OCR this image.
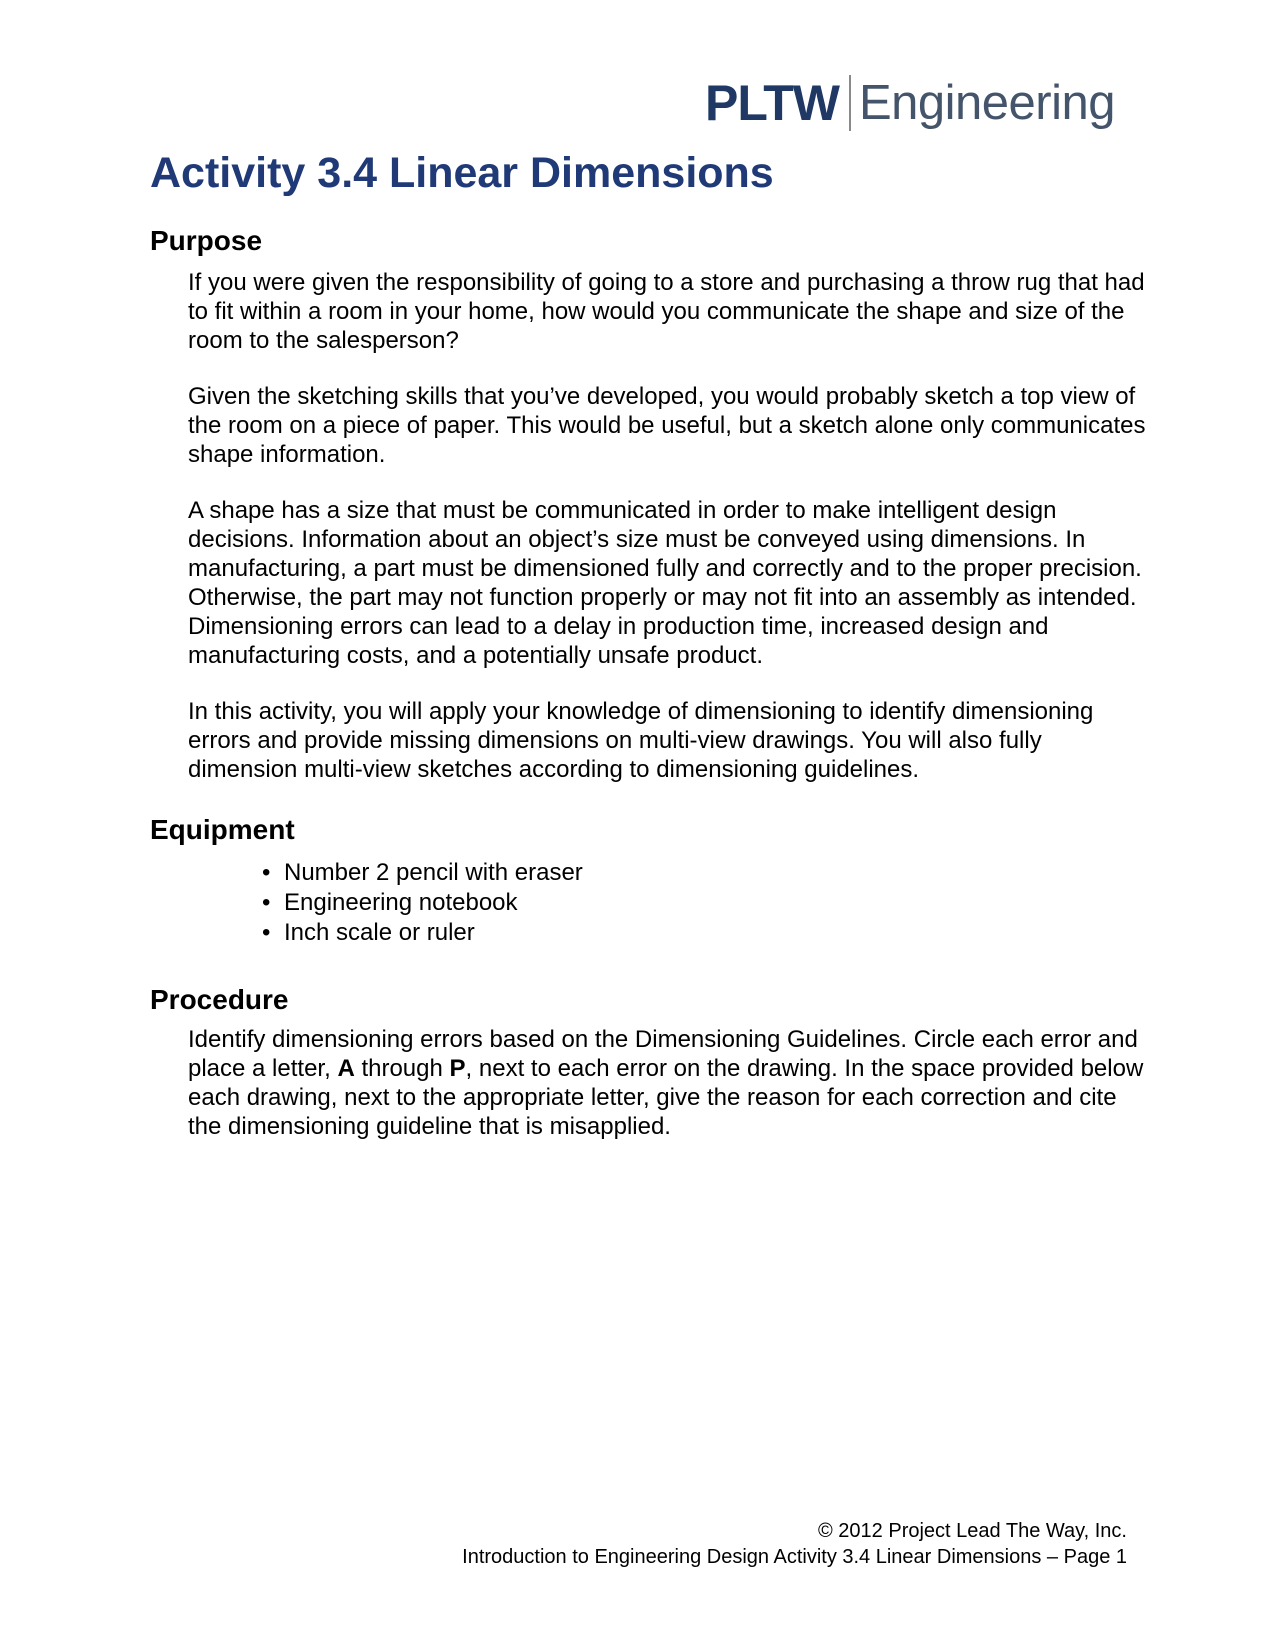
PLTW Engineering
Activity 3.4 Linear Dimensions
Purpose

If you were given the responsibility of going to a store and purchasing a throw rug that had to fit within a room in your home, how would you communicate the shape and size of the room to the salesperson?

Given the sketching skills that you’ve developed, you would probably sketch a top view of the room on a piece of paper. This would be useful, but a sketch alone only communicates shape information.

A shape has a size that must be communicated in order to make intelligent design decisions. Information about an object’s size must be conveyed using dimensions. In manufacturing, a part must be dimensioned fully and correctly and to the proper precision. Otherwise, the part may not function properly or may not fit into an assembly as intended. Dimensioning errors can lead to a delay in production time, increased design and manufacturing costs, and a potentially unsafe product.

In this activity, you will apply your knowledge of dimensioning to identify dimensioning errors and provide missing dimensions on multi-view drawings. You will also fully dimension multi-view sketches according to dimensioning guidelines.

Equipment
• Number 2 pencil with eraser
• Engineering notebook
• Inch scale or ruler
Procedure

Identify dimensioning errors based on the Dimensioning Guidelines. Circle each error and place a letter, A through P, next to each error on the drawing. In the space provided below each drawing, next to the appropriate letter, give the reason for each correction and cite the dimensioning guideline that is misapplied.

© 2012 Project Lead The Way, Inc.
Introduction to Engineering Design Activity 3.4 Linear Dimensions – Page 1
